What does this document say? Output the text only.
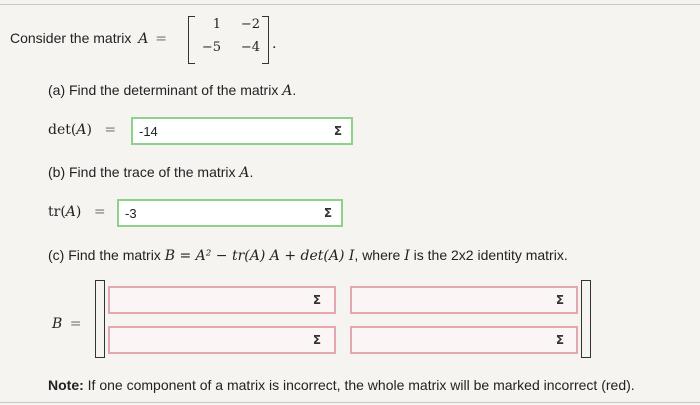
Consider the matrix A =
1	−2
−5	−4 .
(a) Find the determinant of the matrix A.
det(A) = -14	Σ
(b) Find the trace of the matrix A.
tr(A) = -3	Σ
(c) Find the matrix B = A² − tr(A) A + det(A) I, where I is the 2x2 identity matrix.
B =
Σ	Σ
Σ	Σ
Note: If one component of a matrix is incorrect, the whole matrix will be marked incorrect (red).
